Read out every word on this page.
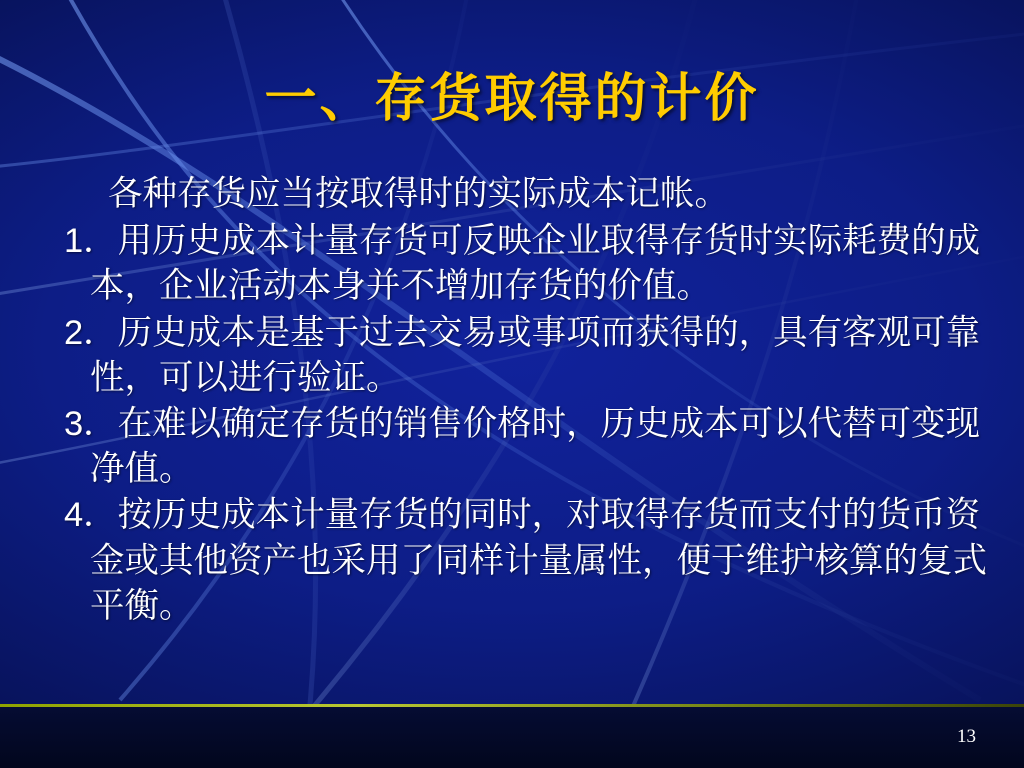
一、存货取得的计价
各种存货应当按取得时的实际成本记帐。
1．用历史成本计量存货可反映企业取得存货时实际耗费的成本，企业活动本身并不增加存货的价值。
2．历史成本是基于过去交易或事项而获得的，具有客观可靠性，可以进行验证。
3．在难以确定存货的销售价格时，历史成本可以代替可变现净值。
4．按历史成本计量存货的同时，对取得存货而支付的货币资金或其他资产也采用了同样计量属性，便于维护核算的复式平衡。
13
